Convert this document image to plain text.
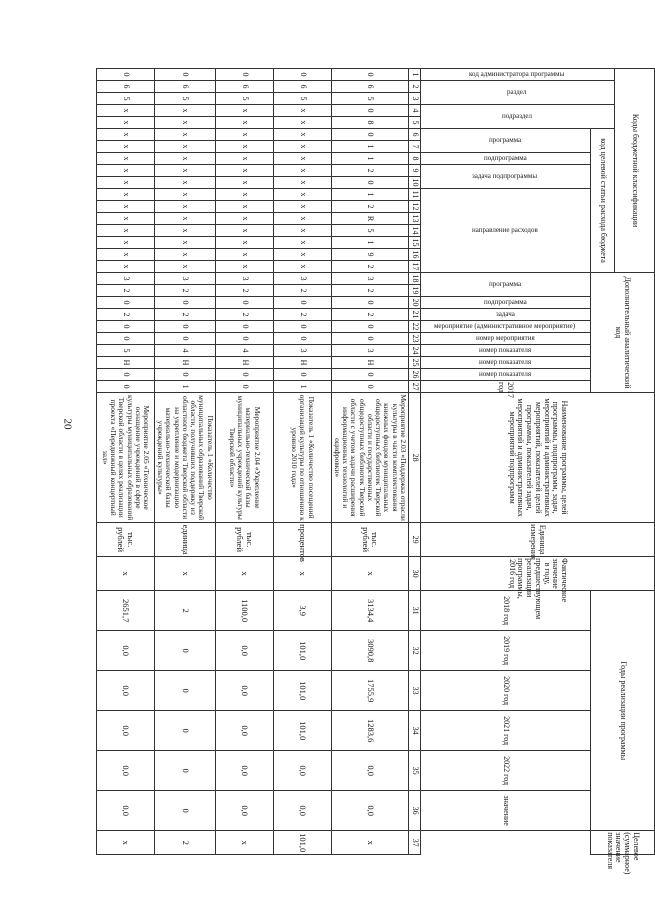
20
Коды бюджетной классификации																	Дополнительный аналитический код										Наименование программы, целей программы, подпрограмм, задач, мероприятий и административных мероприятий, показателей целей программы, показателей задач, мероприятий и административных мероприятий подпрограмм	Единица измерения	Фактическое значение в году, предшествующем реализации программы, 2016 год	Годы реализации программы						Целевое (суммарное) значение показателя
код администратора программы	раздел		подраздел		код целевой статьи расхода бюджета																															
					программа		подпрограмма	задача подпрограммы		направление расходов							программа		подпрограмма	задача	мероприятие (административное мероприятие)	номер мероприятия	номер показателя	номер показателя	номер показателя	2017 год				2018 год	2019 год	2020 год	2021 год	2022 год	значение	
1	2	3	4	5	6	7	8	9	10	11	12	13	14	15	16	17	18	19	20	21	22	23	24	25	26	27	28	29	30	31	32	33	34	35	36	37
0	6	5	0	8	0	1	1	2	0	1	2	R	5	1	9	2	3	2	0	2	0	0	3	Н	0	0	Мероприятие 2.03 «Поддержка отрасли культуры в части комплектования книжных фондов муниципальных общедоступных библиотек Тверской области и государственных общедоступных библиотек Тверской области с учетом задачи расширения информационных технологий и оцифровки»	тыс. рублей	х	3134,4	3090,8	1755,9	1283,6	0,0	0,0	х
0	6	5	х	х	х	х	х	х	х	х	х	х	х	х	х	х	3	2	0	2	0	0	3	Н	0	1	Показатель 1 «Количество посещений организаций культуры по отношению к уровню 2010 года»	процентов	х	3,9	101,0	101,0	101,0	0,0	0,0	101,0
0	6	5	х	х	х	х	х	х	х	х	х	х	х	х	х	х	3	2	0	2	0	0	4	Н	0	0	Мероприятие 2.04 «Укрепление материально-технической базы муниципальных учреждений культуры Тверской области»	тыс. рублей	х	1100,0	0,0	0,0	0,0	0,0	0,0	х
0	6	5	х	х	х	х	х	х	х	х	х	х	х	х	х	х	3	2	0	2	0	0	4	Н	0	1	Показатель 1 «Количество муниципальных образований Тверской области, получивших поддержку из областного бюджета Тверской области на укрепление и модернизацию материально-технической базы учреждений культуры»	единица	х	2	0	0	0	0	0	2
0	6	5	х	х	х	х	х	х	х	х	х	х	х	х	х	х	3	2	0	2	0	0	5	Н	0	0	Мероприятие 2.05 «Техническое оснащение учреждений в сфере культуры муниципальных образований Тверской области в целях реализации проекта «Передвижный концертный зал»	тыс. рублей	х	2651,7	0,0	0,0	0,0	0,0	0,0	х
